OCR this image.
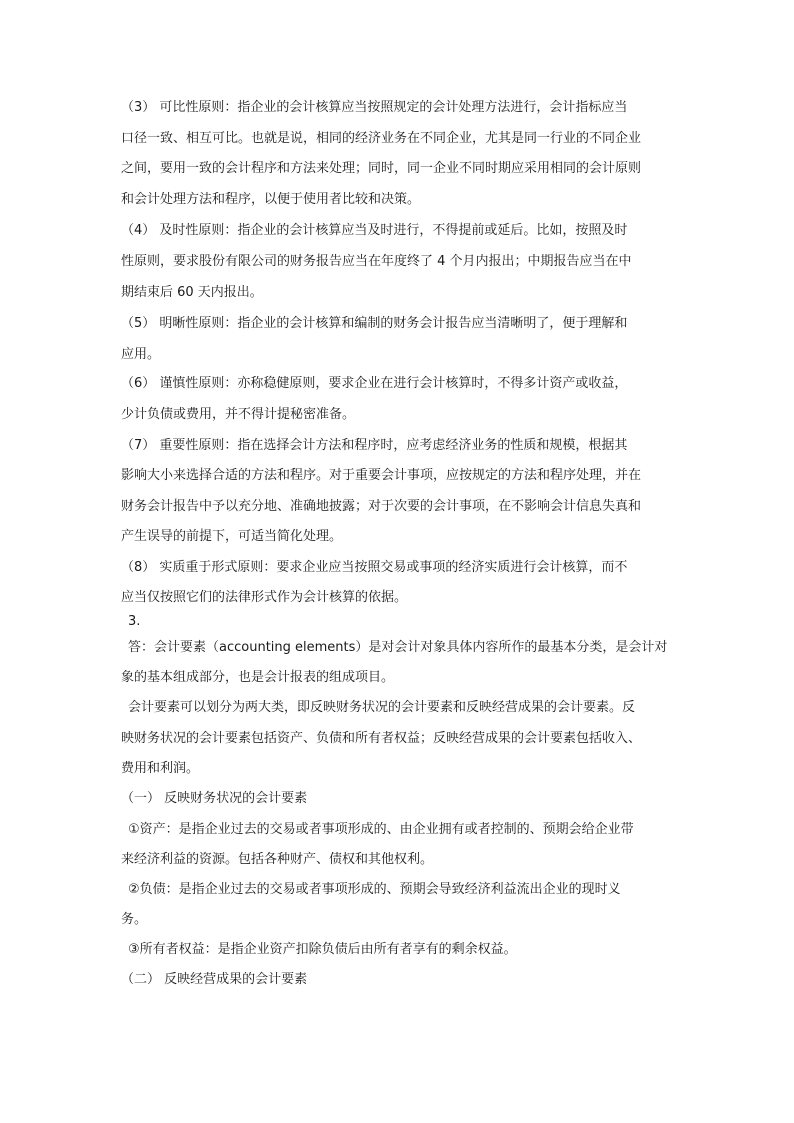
（3） 可比性原则：指企业的会计核算应当按照规定的会计处理方法进行，会计指标应当
口径一致、相互可比。也就是说，相同的经济业务在不同企业，尤其是同一行业的不同企业
之间，要用一致的会计程序和方法来处理；同时，同一企业不同时期应采用相同的会计原则
和会计处理方法和程序，以便于使用者比较和决策。
（4） 及时性原则：指企业的会计核算应当及时进行，不得提前或延后。比如，按照及时
性原则，要求股份有限公司的财务报告应当在年度终了 4 个月内报出；中期报告应当在中
期结束后 60 天内报出。
（5） 明晰性原则：指企业的会计核算和编制的财务会计报告应当清晰明了，便于理解和
应用。
（6） 谨慎性原则：亦称稳健原则，要求企业在进行会计核算时，不得多计资产或收益，
少计负债或费用，并不得计提秘密准备。
（7） 重要性原则：指在选择会计方法和程序时，应考虑经济业务的性质和规模，根据其
影响大小来选择合适的方法和程序。对于重要会计事项，应按规定的方法和程序处理，并在
财务会计报告中予以充分地、准确地披露；对于次要的会计事项，在不影响会计信息失真和
产生误导的前提下，可适当简化处理。
（8） 实质重于形式原则：要求企业应当按照交易或事项的经济实质进行会计核算，而不
应当仅按照它们的法律形式作为会计核算的依据。
3.
答：会计要素（accounting elements）是对会计对象具体内容所作的最基本分类，是会计对
象的基本组成部分，也是会计报表的组成项目。
会计要素可以划分为两大类，即反映财务状况的会计要素和反映经营成果的会计要素。反
映财务状况的会计要素包括资产、负债和所有者权益；反映经营成果的会计要素包括收入、
费用和利润。
（一） 反映财务状况的会计要素
①资产：是指企业过去的交易或者事项形成的、由企业拥有或者控制的、预期会给企业带
来经济利益的资源。包括各种财产、债权和其他权利。
②负债：是指企业过去的交易或者事项形成的、预期会导致经济利益流出企业的现时义
务。
③所有者权益：是指企业资产扣除负债后由所有者享有的剩余权益。
（二） 反映经营成果的会计要素
